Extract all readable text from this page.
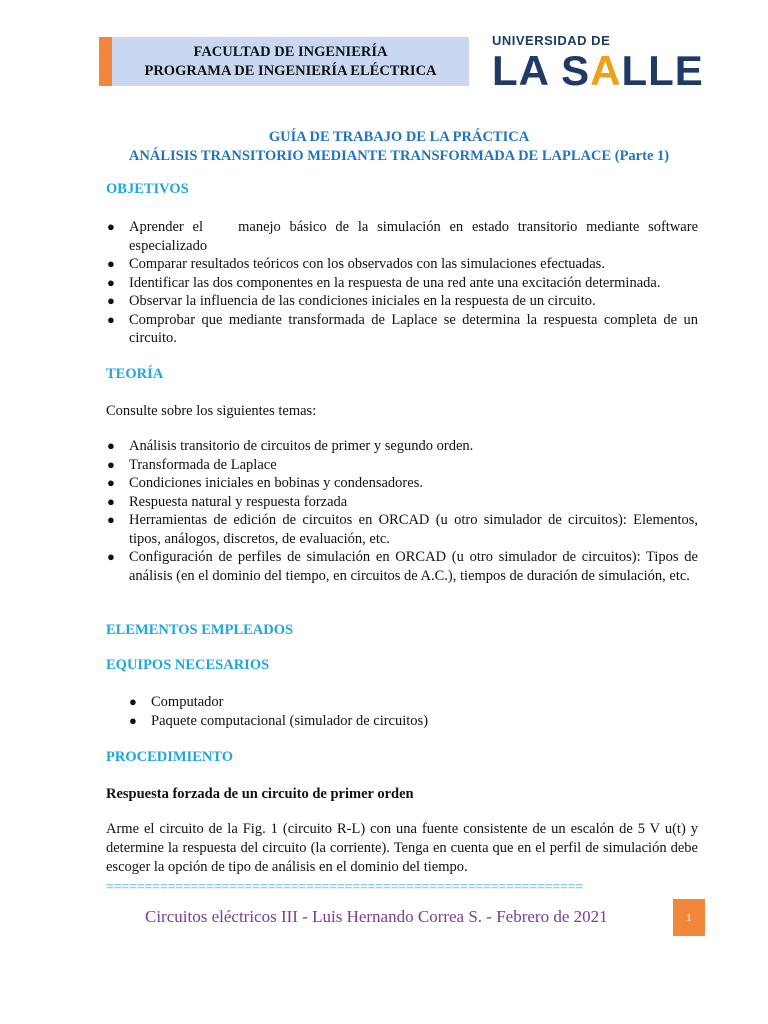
FACULTAD DE INGENIERÍA
PROGRAMA DE INGENIERÍA ELÉCTRICA
UNIVERSIDAD DE
LA SALLE
GUÍA DE TRABAJO DE LA PRÁCTICA
ANÁLISIS TRANSITORIO MEDIANTE TRANSFORMADA DE LAPLACE (Parte 1)
OBJETIVOS
● Aprender el    manejo básico de la simulación en estado transitorio mediante software especializado
● Comparar resultados teóricos con los observados con las simulaciones efectuadas.
● Identificar las dos componentes en la respuesta de una red ante una excitación determinada.
● Observar la influencia de las condiciones iniciales en la respuesta de un circuito.
● Comprobar que mediante transformada de Laplace se determina la respuesta completa de un circuito.
TEORÍA
Consulte sobre los siguientes temas:
● Análisis transitorio de circuitos de primer y segundo orden.
● Transformada de Laplace
● Condiciones iniciales en bobinas y condensadores.
● Respuesta natural y respuesta forzada
● Herramientas de edición de circuitos en ORCAD (u otro simulador de circuitos): Elementos, tipos, análogos, discretos, de evaluación, etc.
● Configuración de perfiles de simulación en ORCAD (u otro simulador de circuitos): Tipos de análisis (en el dominio del tiempo, en circuitos de A.C.), tiempos de duración de simulación, etc.
ELEMENTOS EMPLEADOS
EQUIPOS NECESARIOS
● Computador
● Paquete computacional (simulador de circuitos)
PROCEDIMIENTO
Respuesta forzada de un circuito de primer orden
Arme el circuito de la Fig. 1 (circuito R-L) con una fuente consistente de un escalón de 5 V u(t) y determine la respuesta del circuito (la corriente). Tenga en cuenta que en el perfil de simulación debe escoger la opción de tipo de análisis en el dominio del tiempo.
==============================================================
Circuitos eléctricos III - Luis Hernando Correa S. - Febrero de 2021	1
